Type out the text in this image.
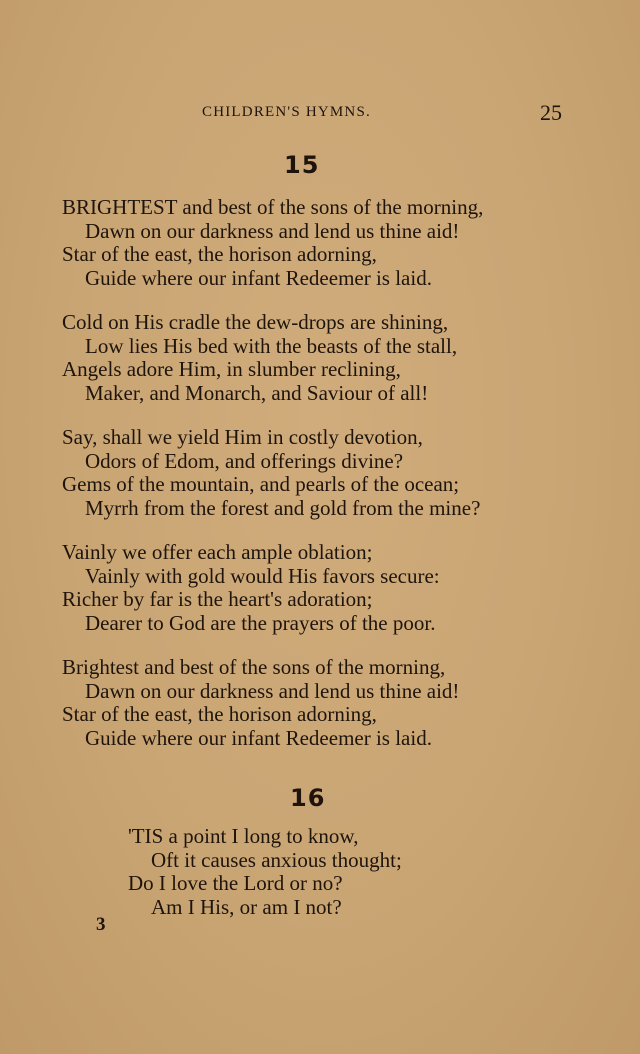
CHILDREN'S HYMNS.	25
15
BRIGHTEST and best of the sons of the morning,
Dawn on our darkness and lend us thine aid!
Star of the east, the horison adorning,
Guide where our infant Redeemer is laid.
Cold on His cradle the dew-drops are shining,
Low lies His bed with the beasts of the stall,
Angels adore Him, in slumber reclining,
Maker, and Monarch, and Saviour of all!
Say, shall we yield Him in costly devotion,
Odors of Edom, and offerings divine?
Gems of the mountain, and pearls of the ocean;
Myrrh from the forest and gold from the mine?
Vainly we offer each ample oblation;
Vainly with gold would His favors secure:
Richer by far is the heart's adoration;
Dearer to God are the prayers of the poor.
Brightest and best of the sons of the morning,
Dawn on our darkness and lend us thine aid!
Star of the east, the horison adorning,
Guide where our infant Redeemer is laid.
16
'TIS a point I long to know,
Oft it causes anxious thought;
Do I love the Lord or no?
Am I His, or am I not?
3
